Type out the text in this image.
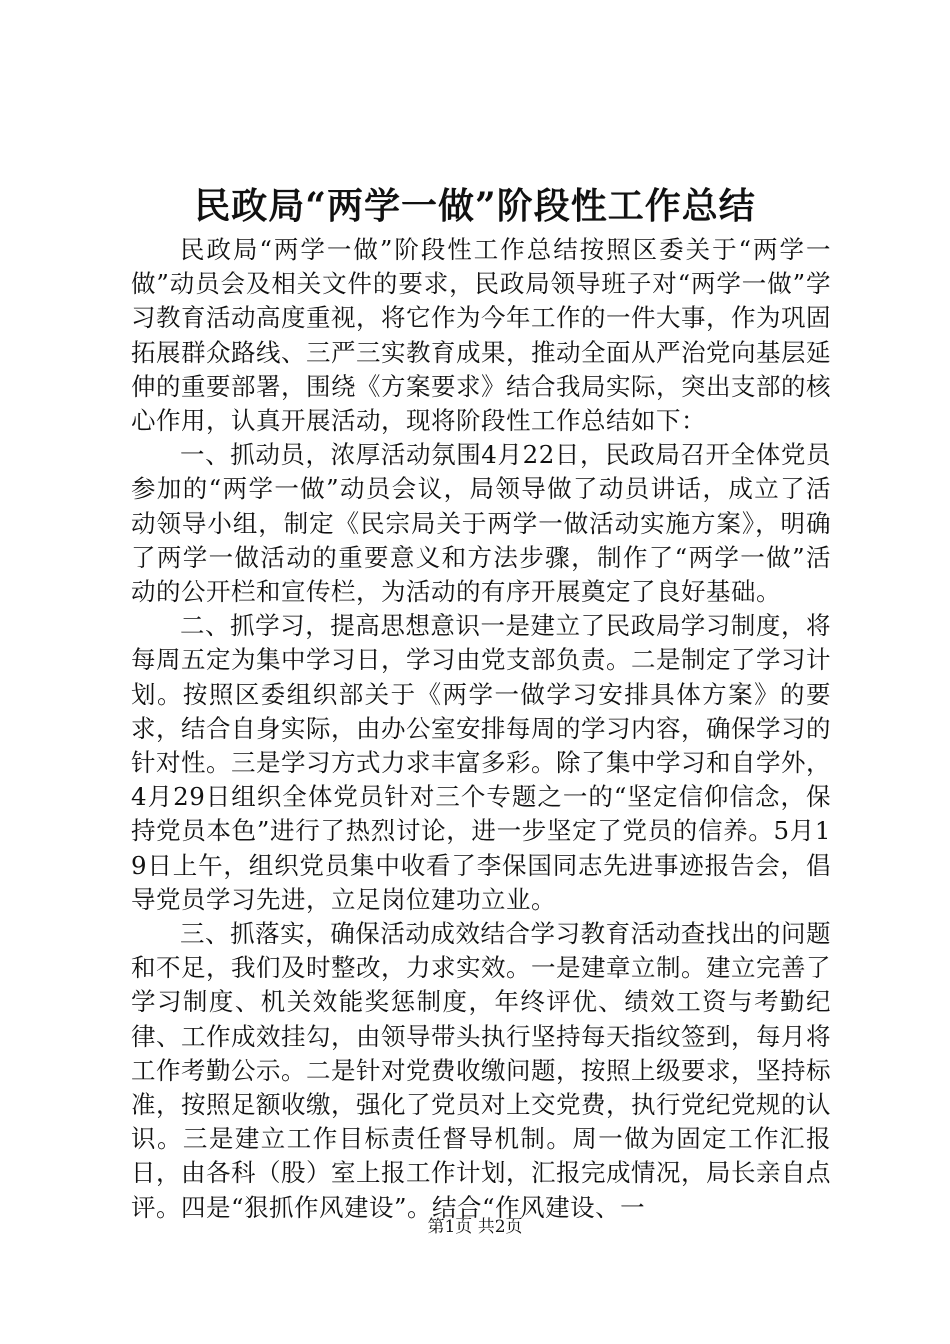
民政局“两学一做”阶段性工作总结

民政局“两学一做”阶段性工作总结按照区委关于“两学一做”动员会及相关文件的要求，民政局领导班子对“两学一做”学习教育活动高度重视，将它作为今年工作的一件大事，作为巩固拓展群众路线、三严三实教育成果，推动全面从严治党向基层延伸的重要部署，围绕《方案要求》结合我局实际，突出支部的核心作用，认真开展活动，现将阶段性工作总结如下：

一、抓动员，浓厚活动氛围4月22日，民政局召开全体党员参加的“两学一做”动员会议，局领导做了动员讲话，成立了活动领导小组，制定《民宗局关于两学一做活动实施方案》，明确了两学一做活动的重要意义和方法步骤，制作了“两学一做”活动的公开栏和宣传栏，为活动的有序开展奠定了良好基础。

二、抓学习，提高思想意识一是建立了民政局学习制度，将每周五定为集中学习日，学习由党支部负责。二是制定了学习计划。按照区委组织部关于《两学一做学习安排具体方案》的要求，结合自身实际，由办公室安排每周的学习内容，确保学习的针对性。三是学习方式力求丰富多彩。除了集中学习和自学外，4月29日组织全体党员针对三个专题之一的“坚定信仰信念，保持党员本色”进行了热烈讨论，进一步坚定了党员的信养。5月19日上午，组织党员集中收看了李保国同志先进事迹报告会，倡导党员学习先进，立足岗位建功立业。

三、抓落实，确保活动成效结合学习教育活动查找出的问题和不足，我们及时整改，力求实效。一是建章立制。建立完善了学习制度、机关效能奖惩制度，年终评优、绩效工资与考勤纪律、工作成效挂勾，由领导带头执行坚持每天指纹签到，每月将工作考勤公示。二是针对党费收缴问题，按照上级要求，坚持标准，按照足额收缴，强化了党员对上交党费，执行党纪党规的认识。三是建立工作目标责任督导机制。周一做为固定工作汇报日，由各科（股）室上报工作计划，汇报完成情况，局长亲自点评。四是“狠抓作风建设”。结合“作风建设、一

第1页 共2页
